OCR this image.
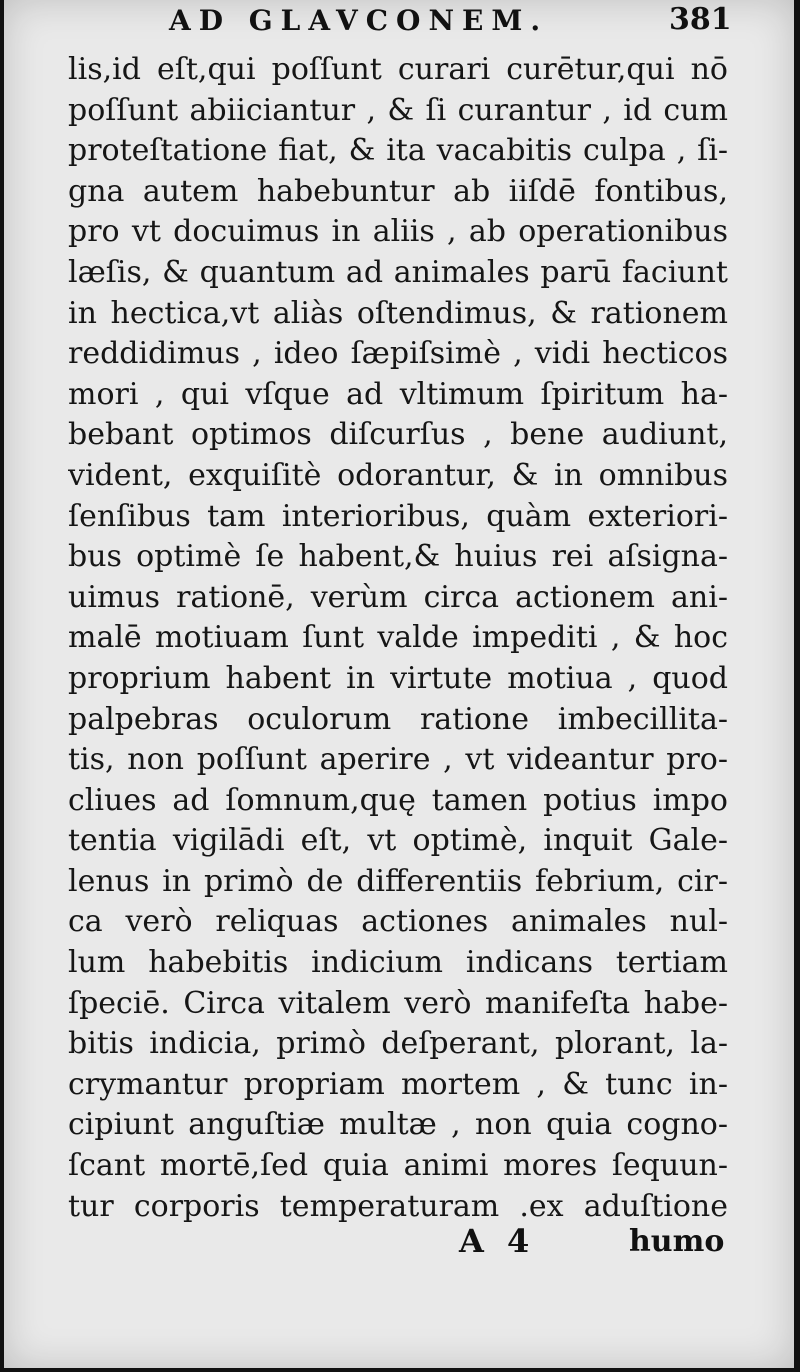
AD GLAVCONEM.	381
lis,id eſt,qui poſſunt curari curētur,qui nō
poſſunt abiiciantur , & ſi curantur , id cum
proteſtatione fiat, & ita vacabitis culpa , ſi-
gna autem habebuntur ab iiſdē fontibus,
pro vt docuimus in aliis , ab operationibus
læſis, & quantum ad animales parū faciunt
in hectica,vt aliàs oſtendimus, & rationem
reddidimus , ideo ſæpiſsimè , vidi hecticos
mori , qui vſque ad vltimum ſpiritum ha-
bebant optimos diſcurſus , bene audiunt,
vident, exquiſitè odorantur, & in omnibus
ſenſibus tam interioribus, quàm exteriori-
bus optimè ſe habent,& huius rei aſsigna-
uimus rationē, verùm circa actionem ani-
malē motiuam ſunt valde impediti , & hoc
proprium habent in virtute motiua , quod
palpebras oculorum ratione imbecillita-
tis, non poſſunt aperire , vt videantur pro-
cliues ad ſomnum,quę tamen potius impo
tentia vigilādi eſt, vt optimè, inquit Gale-
lenus in primò de differentiis febrium, cir-
ca verò reliquas actiones animales nul-
lum habebitis indicium indicans tertiam
ſpeciē. Circa vitalem verò manifeſta habe-
bitis indicia, primò deſperant, plorant, la-
crymantur propriam mortem , & tunc in-
cipiunt anguſtiæ multæ , non quia cogno-
ſcant mortē,ſed quia animi mores ſequun-
tur corporis temperaturam .ex aduſtione
A 4	humo
